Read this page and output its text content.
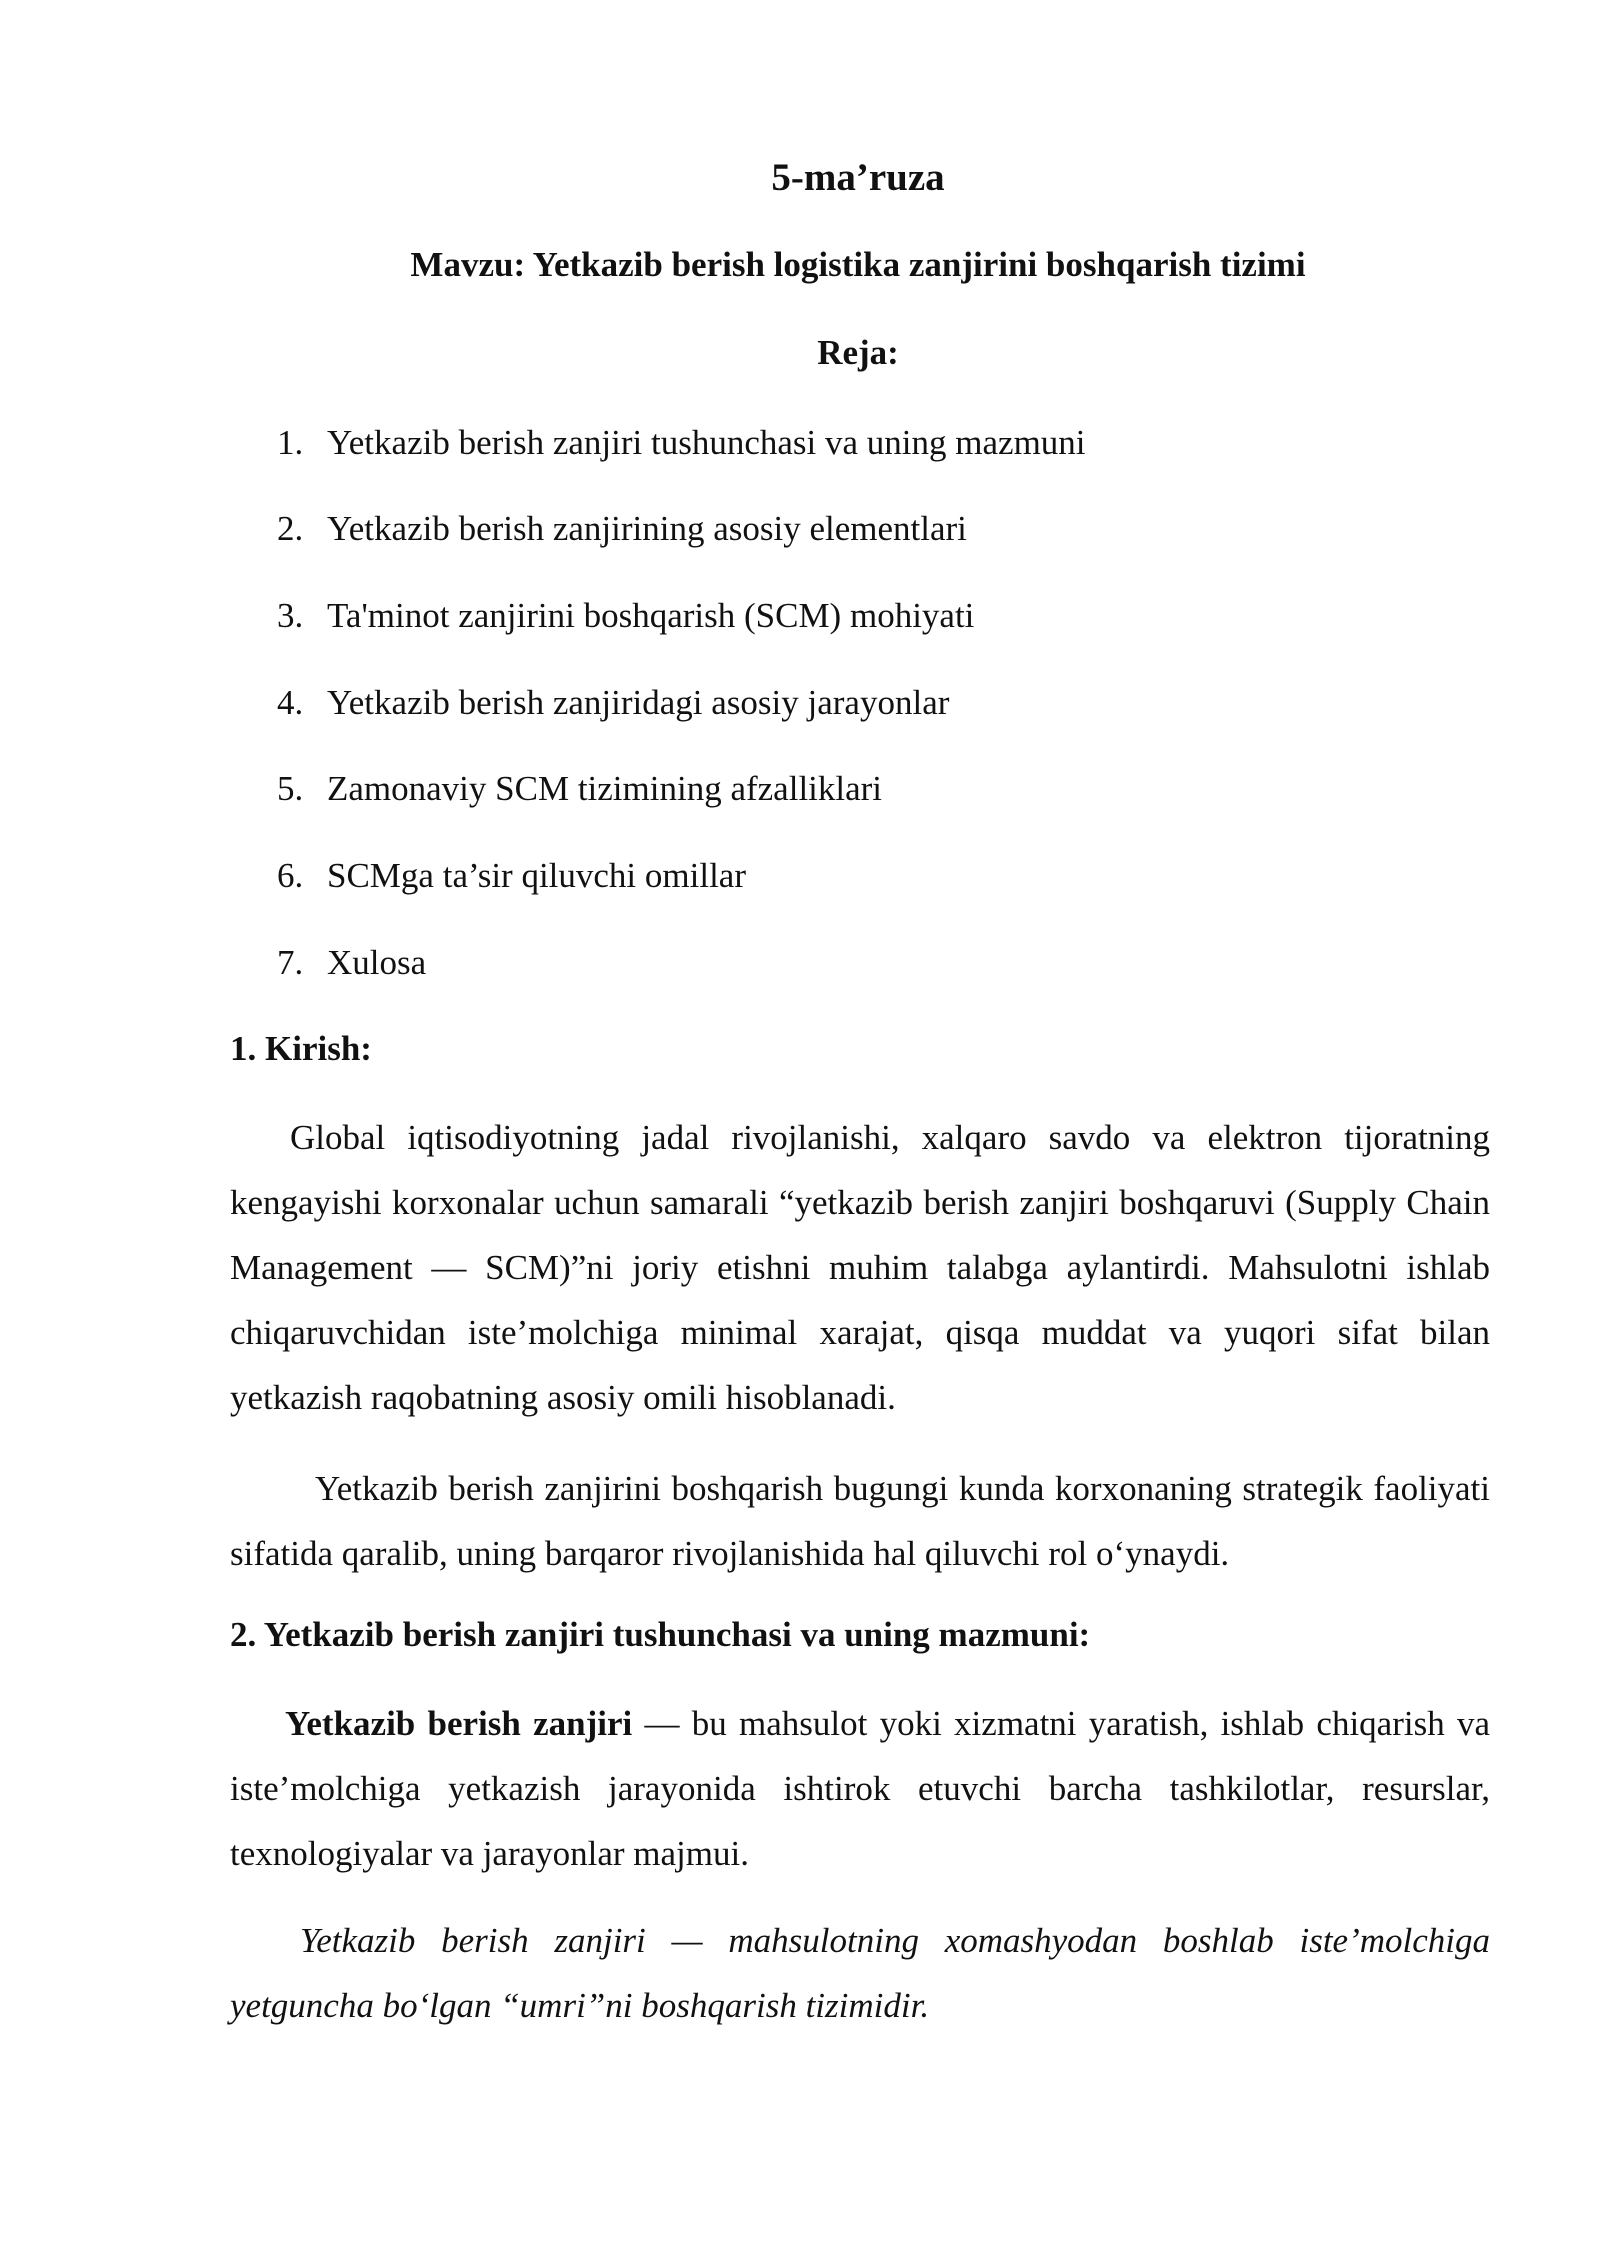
5-ma’ruza
Mavzu: Yetkazib berish logistika zanjirini boshqarish tizimi
Reja:
1. Yetkazib berish zanjiri tushunchasi va uning mazmuni
2. Yetkazib berish zanjirining asosiy elementlari
3. Ta'minot zanjirini boshqarish (SCM) mohiyati
4. Yetkazib berish zanjiridagi asosiy jarayonlar
5. Zamonaviy SCM tizimining afzalliklari
6. SCMga ta’sir qiluvchi omillar
7. Xulosa
1. Kirish:

Global iqtisodiyotning jadal rivojlanishi, xalqaro savdo va elektron tijoratning kengayishi korxonalar uchun samarali “yetkazib berish zanjiri boshqaruvi (Supply Chain Management — SCM)”ni joriy etishni muhim talabga aylantirdi. Mahsulotni ishlab chiqaruvchidan iste’molchiga minimal xarajat, qisqa muddat va yuqori sifat bilan yetkazish raqobatning asosiy omili hisoblanadi.

Yetkazib berish zanjirini boshqarish bugungi kunda korxonaning strategik faoliyati sifatida qaralib, uning barqaror rivojlanishida hal qiluvchi rol o‘ynaydi.

2. Yetkazib berish zanjiri tushunchasi va uning mazmuni:

Yetkazib berish zanjiri — bu mahsulot yoki xizmatni yaratish, ishlab chiqarish va iste’molchiga yetkazish jarayonida ishtirok etuvchi barcha tashkilotlar, resurslar, texnologiyalar va jarayonlar majmui.

Yetkazib berish zanjiri — mahsulotning xomashyodan boshlab iste’molchiga yetguncha bo‘lgan “umri”ni boshqarish tizimidir.
